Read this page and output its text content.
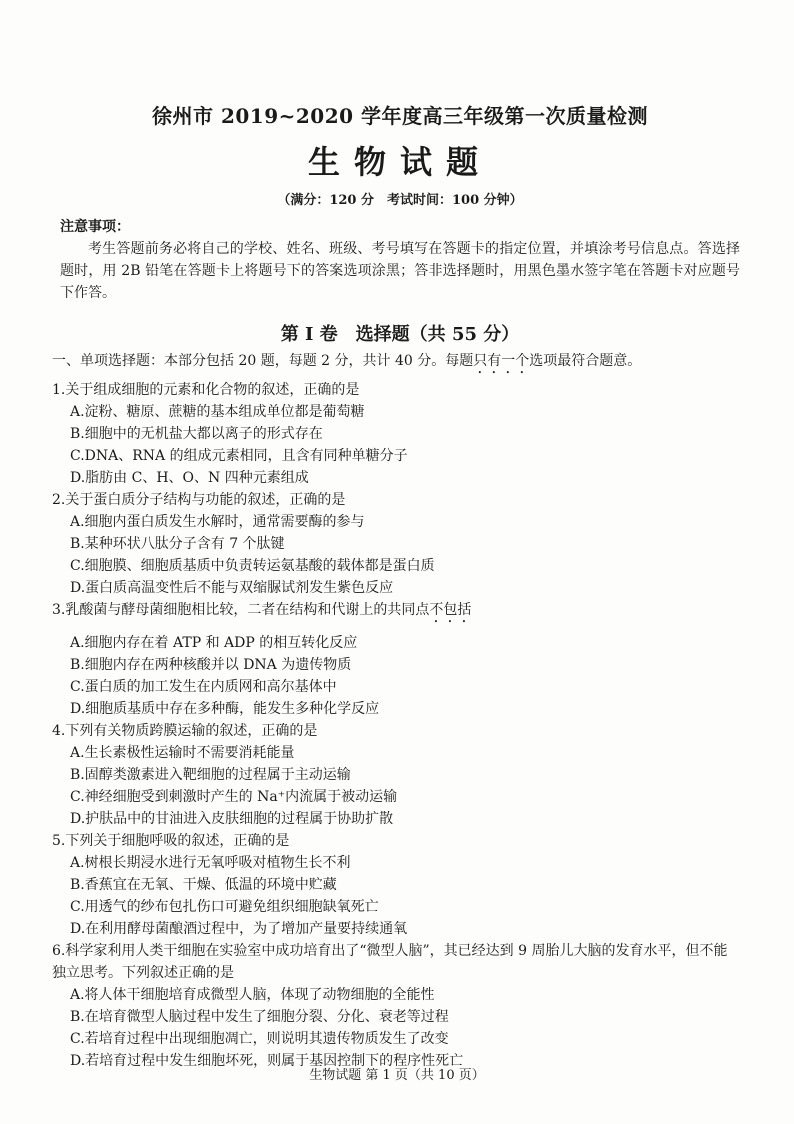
徐州市 2019~2020 学年度高三年级第一次质量检测
生物试题
（满分：120 分　考试时间：100 分钟）

注意事项：

考生答题前务必将自己的学校、姓名、班级、考号填写在答题卡的指定位置，并填涂考号信息点。答选择题时，用 2B 铅笔在答题卡上将题号下的答案选项涂黑；答非选择题时，用黑色墨水签字笔在答题卡对应题号下作答。

第 I 卷　选择题（共 55 分）

一、单项选择题：本部分包括 20 题，每题 2 分，共计 40 分。每题只有一个选项最符合题意。

1.关于组成细胞的元素和化合物的叙述，正确的是

A.淀粉、糖原、蔗糖的基本组成单位都是葡萄糖

B.细胞中的无机盐大都以离子的形式存在

C.DNA、RNA 的组成元素相同，且含有同种单糖分子

D.脂肪由 C、H、O、N 四种元素组成

2.关于蛋白质分子结构与功能的叙述，正确的是

A.细胞内蛋白质发生水解时，通常需要酶的参与

B.某种环状八肽分子含有 7 个肽键

C.细胞膜、细胞质基质中负责转运氨基酸的载体都是蛋白质

D.蛋白质高温变性后不能与双缩脲试剂发生紫色反应

3.乳酸菌与酵母菌细胞相比较，二者在结构和代谢上的共同点不包括

A.细胞内存在着 ATP 和 ADP 的相互转化反应

B.细胞内存在两种核酸并以 DNA 为遗传物质

C.蛋白质的加工发生在内质网和高尔基体中

D.细胞质基质中存在多种酶，能发生多种化学反应

4.下列有关物质跨膜运输的叙述，正确的是

A.生长素极性运输时不需要消耗能量

B.固醇类激素进入靶细胞的过程属于主动运输

C.神经细胞受到刺激时产生的 Na⁺内流属于被动运输

D.护肤品中的甘油进入皮肤细胞的过程属于协助扩散

5.下列关于细胞呼吸的叙述，正确的是

A.树根长期浸水进行无氧呼吸对植物生长不利

B.香蕉宜在无氧、干燥、低温的环境中贮藏

C.用透气的纱布包扎伤口可避免组织细胞缺氧死亡

D.在利用酵母菌酿酒过程中，为了增加产量要持续通氧

6.科学家利用人类干细胞在实验室中成功培育出了“微型人脑”，其已经达到 9 周胎儿大脑的发育水平，但不能独立思考。下列叙述正确的是

A.将人体干细胞培育成微型人脑，体现了动物细胞的全能性

B.在培育微型人脑过程中发生了细胞分裂、分化、衰老等过程

C.若培育过程中出现细胞凋亡，则说明其遗传物质发生了改变

D.若培育过程中发生细胞坏死，则属于基因控制下的程序性死亡

生物试题 第 1 页（共 10 页）
